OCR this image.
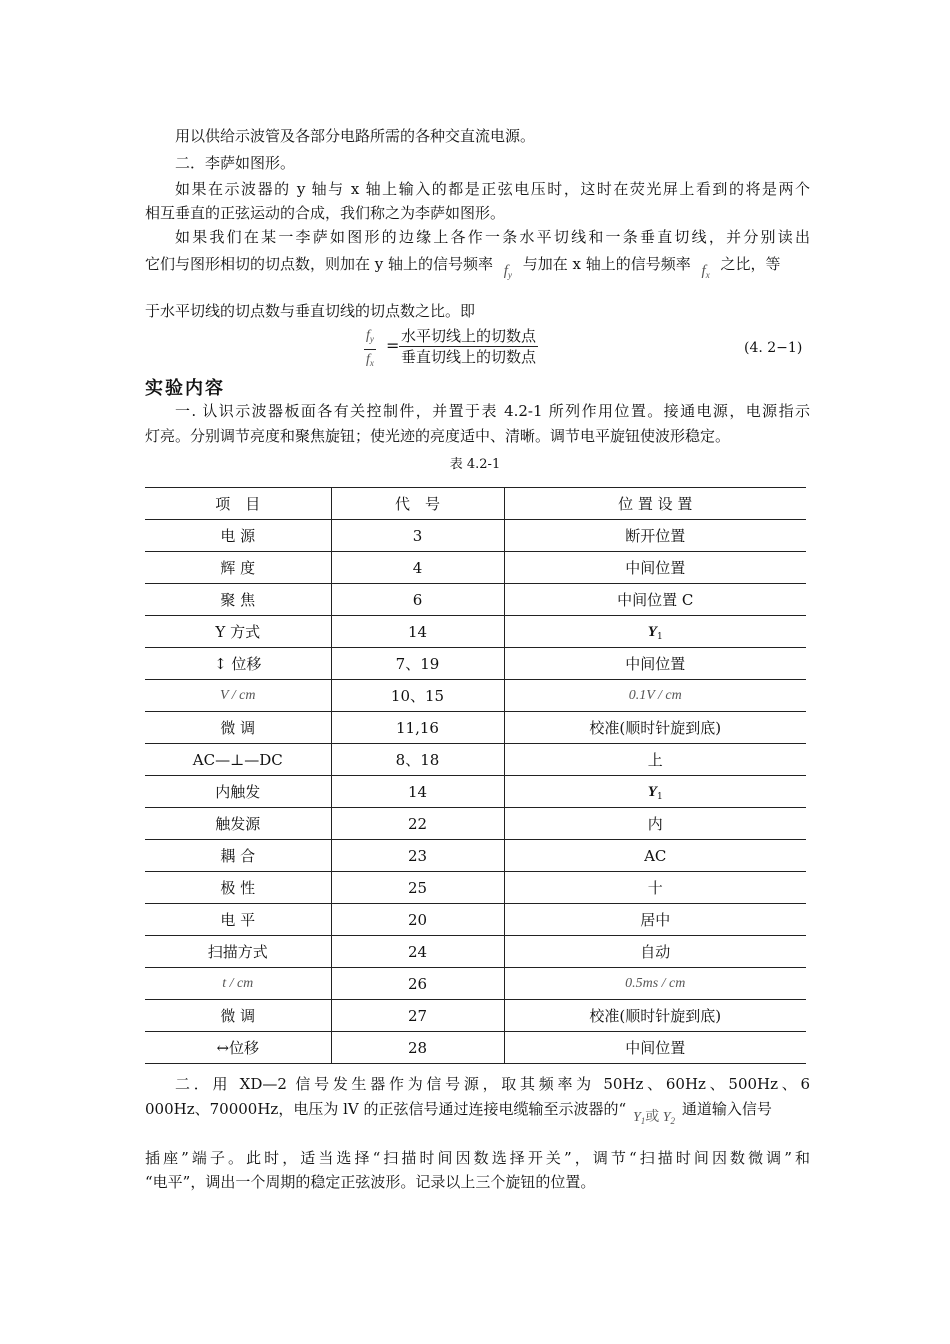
用以供给示波管及各部分电路所需的各种交直流电源。
二．李萨如图形。
如果在示波器的 y 轴与 x 轴上输入的都是正弦电压时，这时在荧光屏上看到的将是两个
相互垂直的正弦运动的合成，我们称之为李萨如图形。
如果我们在某一李萨如图形的边缘上各作一条水平切线和一条垂直切线，并分别读出
它们与图形相切的切点数，则加在 y 轴上的信号频率 $f_y$ 与加在 x 轴上的信号频率 $f_x$ 之比，等
于水平切线的切点数与垂直切线的切点数之比。即
$\frac{f_y}{f_x}$ = 水平切线上的切数点
垂直切线上的切数点	(4. 2−1)
实验内容
一. 认识示波器板面各有关控制件，并置于表 4.2-1 所列作用位置。接通电源，电源指示
灯亮。分别调节亮度和聚焦旋钮；使光迹的亮度适中、清晰。调节电平旋钮使波形稳定。
表 4.2-1
项　目	代　号	位 置 设 置
电 源	3	断开位置
辉 度	4	中间位置
聚 焦	6	中间位置 C
Y 方式	14	$Y_1$
↕ 位移	7、19	中间位置
V / cm	10、15	0.1V / cm
微 调	11,16	校准(顺时针旋到底)
AC—⊥—DC	8、18	上
内触发	14	$Y_1$
触发源	22	内
耦 合	23	AC
极 性	25	十
电 平	20	居中
扫描方式	24	自动
t / cm	26	0.5ms / cm
微 调	27	校准(顺时针旋到底)
↔位移	28	中间位置
二．用 XD—2 信号发生器作为信号源，取其频率为 50Hz、60Hz、500Hz、6
000Hz、70000Hz，电压为 lV 的正弦信号通过连接电缆输至示波器的“ $Y_1$或 $Y_2$ 通道输入信号
插座”端子。此时，适当选择“扫描时间因数选择开关”，调节“扫描时间因数微调”和
“电平”，调出一个周期的稳定正弦波形。记录以上三个旋钮的位置。
